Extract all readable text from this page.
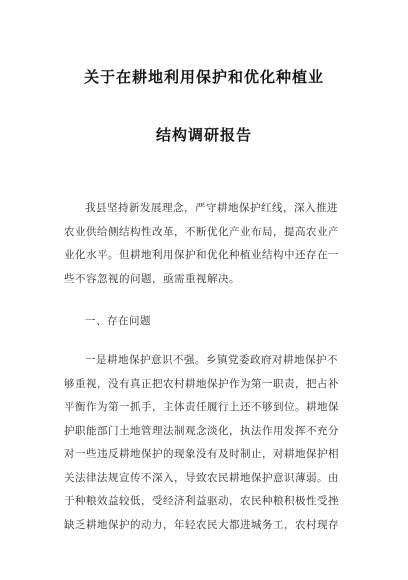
关于在耕地利用保护和优化种植业
结构调研报告
我县坚持新发展理念，严守耕地保护红线，深入推进
农业供给侧结构性改革，不断优化产业布局，提高农业产
业化水平。但耕地利用保护和优化种植业结构中还存在一
些不容忽视的问题，亟需重视解决。
一、存在问题
一是耕地保护意识不强。乡镇党委政府对耕地保护不
够重视，没有真正把农村耕地保护作为第一职责，把占补
平衡作为第一抓手，主体责任履行上还不够到位。耕地保
护职能部门土地管理法制观念淡化，执法作用发挥不充分
对一些违反耕地保护的现象没有及时制止，对耕地保护相
关法律法规宣传不深入，导致农民耕地保护意识薄弱。由
于种粮效益较低，受经济利益驱动，农民种粮积极性受挫
缺乏耕地保护的动力，年轻农民大都进城务工，农村现存
